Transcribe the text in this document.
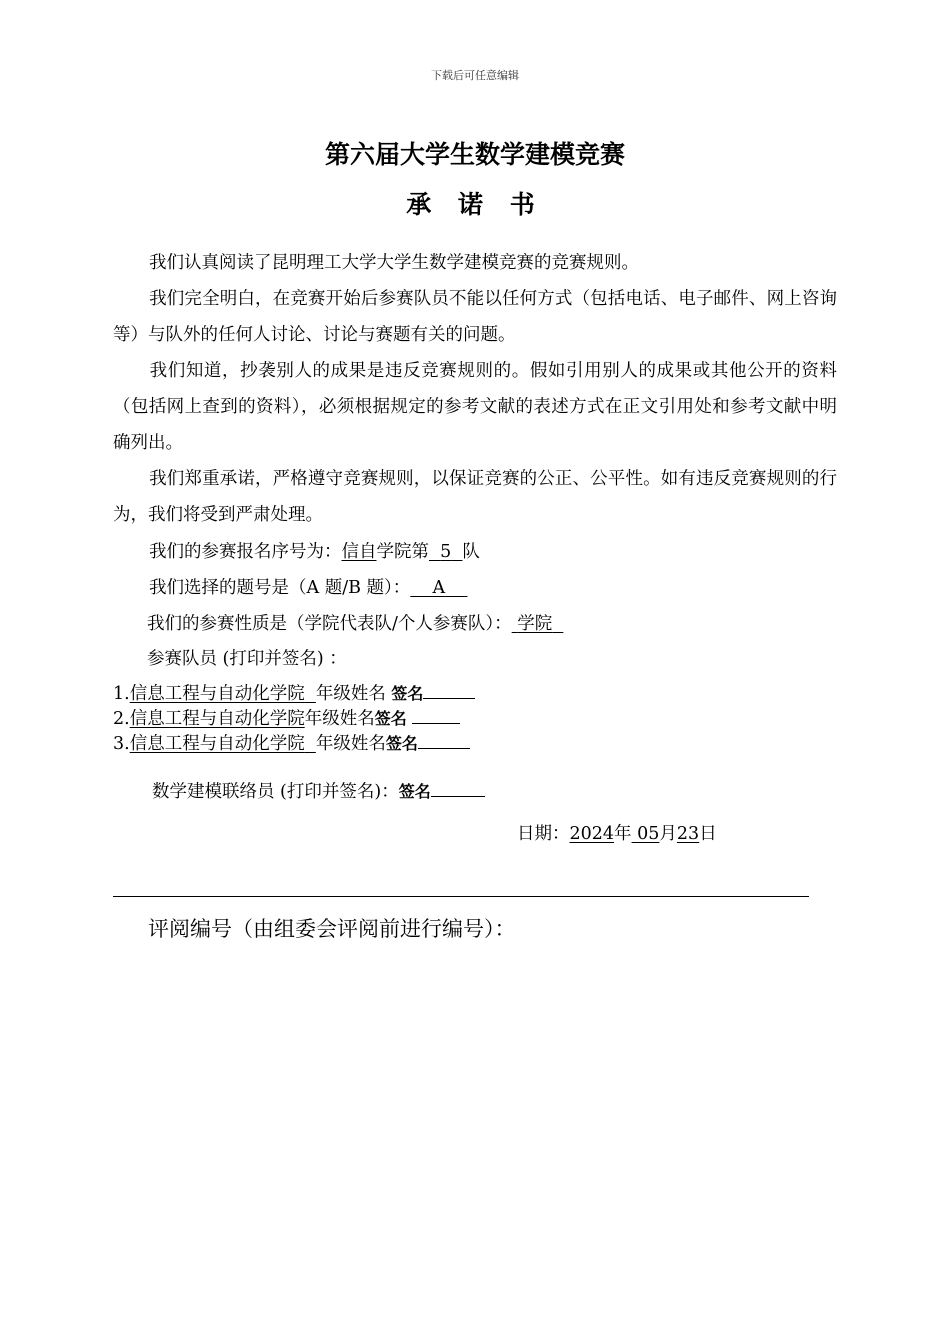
下载后可任意编辑
第六届大学生数学建模竞赛
承 诺 书
我们认真阅读了昆明理工大学大学生数学建模竞赛的竞赛规则。
我们完全明白，在竞赛开始后参赛队员不能以任何方式（包括电话、电子邮件、网上咨询等）与队外的任何人讨论、讨论与赛题有关的问题。
我们知道，抄袭别人的成果是违反竞赛规则的。假如引用别人的成果或其他公开的资料（包括网上查到的资料），必须根据规定的参考文献的表述方式在正文引用处和参考文献中明确列出。
我们郑重承诺，严格遵守竞赛规则，以保证竞赛的公正、公平性。如有违反竞赛规则的行为，我们将受到严肃处理。
我们的参赛报名序号为：信自学院第 5 队
我们选择的题号是（A 题/B 题）： A
我们的参赛性质是（学院代表队/个人参赛队）： 学院
参赛队员 (打印并签名) ：
1.信息工程与自动化学院 年级姓名 签名
2.信息工程与自动化学院年级姓名签名
3.信息工程与自动化学院 年级姓名签名
数学建模联络员 (打印并签名)：签名
日期：2024年 05月23日
评阅编号（由组委会评阅前进行编号）：
